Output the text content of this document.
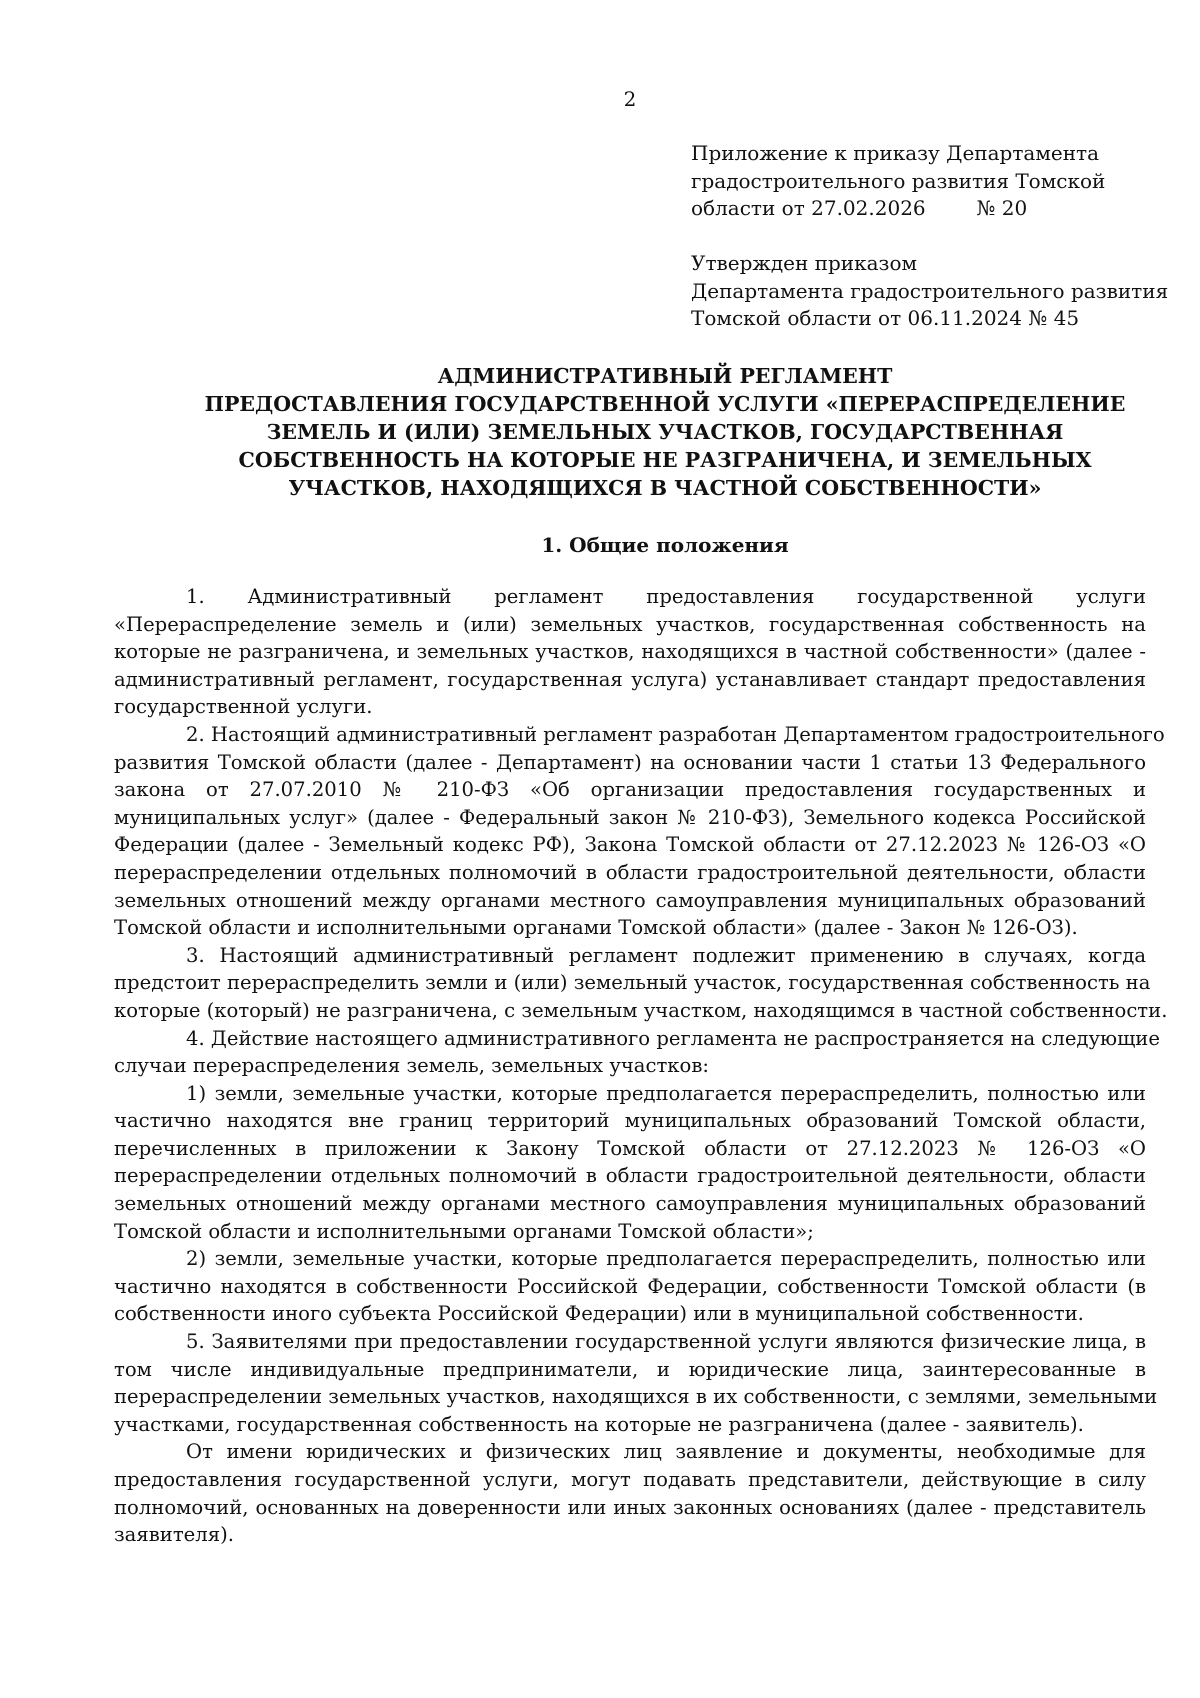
2
Приложение к приказу Департамента
градостроительного развития Томской
области от 27.02.2026        № 20
Утвержден приказом
Департамента градостроительного развития
Томской области от 06.11.2024 № 45
АДМИНИСТРАТИВНЫЙ РЕГЛАМЕНТ
ПРЕДОСТАВЛЕНИЯ ГОСУДАРСТВЕННОЙ УСЛУГИ «ПЕРЕРАСПРЕДЕЛЕНИЕ
ЗЕМЕЛЬ И (ИЛИ) ЗЕМЕЛЬНЫХ УЧАСТКОВ, ГОСУДАРСТВЕННАЯ
СОБСТВЕННОСТЬ НА КОТОРЫЕ НЕ РАЗГРАНИЧЕНА, И ЗЕМЕЛЬНЫХ
УЧАСТКОВ, НАХОДЯЩИХСЯ В ЧАСТНОЙ СОБСТВЕННОСТИ»
1. Общие положения
1. Административный регламент предоставления государственной услуги
«Перераспределение земель и (или) земельных участков, государственная собственность на
которые не разграничена, и земельных участков, находящихся в частной собственности» (далее -
административный регламент, государственная услуга) устанавливает стандарт предоставления
государственной услуги.
2. Настоящий административный регламент разработан Департаментом градостроительного
развития Томской области (далее - Департамент) на основании части 1 статьи 13 Федерального
закона от 27.07.2010 № 210-ФЗ «Об организации предоставления государственных и
муниципальных услуг» (далее - Федеральный закон № 210-ФЗ), Земельного кодекса Российской
Федерации (далее - Земельный кодекс РФ), Закона Томской области от 27.12.2023 № 126-ОЗ «О
перераспределении отдельных полномочий в области градостроительной деятельности, области
земельных отношений между органами местного самоуправления муниципальных образований
Томской области и исполнительными органами Томской области» (далее - Закон № 126-ОЗ).
3. Настоящий административный регламент подлежит применению в случаях, когда
предстоит перераспределить земли и (или) земельный участок, государственная собственность на
которые (который) не разграничена, с земельным участком, находящимся в частной собственности.
4. Действие настоящего административного регламента не распространяется на следующие
случаи перераспределения земель, земельных участков:
1) земли, земельные участки, которые предполагается перераспределить, полностью или
частично находятся вне границ территорий муниципальных образований Томской области,
перечисленных в приложении к Закону Томской области от 27.12.2023 № 126-ОЗ «О
перераспределении отдельных полномочий в области градостроительной деятельности, области
земельных отношений между органами местного самоуправления муниципальных образований
Томской области и исполнительными органами Томской области»;
2) земли, земельные участки, которые предполагается перераспределить, полностью или
частично находятся в собственности Российской Федерации, собственности Томской области (в
собственности иного субъекта Российской Федерации) или в муниципальной собственности.
5. Заявителями при предоставлении государственной услуги являются физические лица, в
том числе индивидуальные предприниматели, и юридические лица, заинтересованные в
перераспределении земельных участков, находящихся в их собственности, с землями, земельными
участками, государственная собственность на которые не разграничена (далее - заявитель).
От имени юридических и физических лиц заявление и документы, необходимые для
предоставления государственной услуги, могут подавать представители, действующие в силу
полномочий, основанных на доверенности или иных законных основаниях (далее - представитель
заявителя).
